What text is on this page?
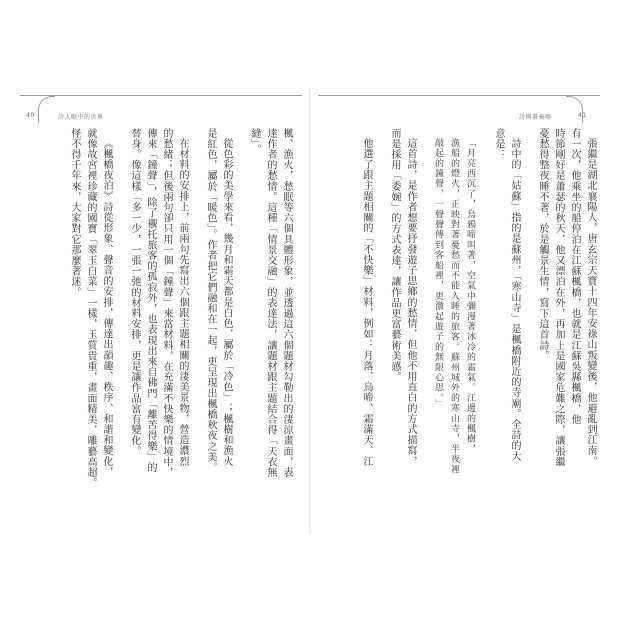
40	詩人眼中的世界	詩與畫奏鳴	41
張繼是湖北襄陽人，唐玄宗天寶十四年安祿山叛變後，他避亂到江南。
有一次，他乘坐的船停泊在江蘇楓橋，也就是江蘇吳縣楓橋，他
時節剛好是蕭瑟的秋天，他又漂泊在外，再加上是國家危難之際，讓張繼
憂愁得整夜睡不著，於是觸景生情，寫下這首詩。
詩中的「姑蘇」指的是蘇州，「寒山寺」是楓橋附近的寺廟。全詩的大
意是：
「月亮西沉了，烏鴉啼叫著，空氣中彌漫著冰冷的霜氣。江邊的楓樹，
漁船的燈火，正映對著憂愁而不能入睡的旅客。蘇州城外的寒山寺，半夜裡
敲起的鐘聲，一聲聲傳到客船裡，更激起遊子的無限心思。」
這首詩，是作者想要抒發遊子思鄉的愁情，但他不用直白的方式描寫，
而是採用「委婉」的方式表達，讓作品更富藝術美感。
他選了跟主題相關的「不快樂」材料，例如：月落、烏啼、霜滿天、江
楓、漁火，愁眠等六個具體形象，並透過這六個題材勾勒出的淒涼畫面，表
達作者的愁情。這種「情景交融」的表達法，讓題材跟主題結合得「天衣無
縫」。
從色彩的美學來看，幾月和霜天都是白色，屬於「冷色」；楓樹和漁火
是紅色，屬於「暖色」。作者把它們融和在一起，更呈現出楓橋秋夜之美。
在材料的安排上，前兩句先寫出六個跟主題相關的淒美景物，營造濃烈
的愁緒；但後兩句卻只用一個「鐘聲」來當材料，在充滿不快樂的情境中，
傳來「鐘聲」，除了襯托旅客的孤寂外，也表現出來自佛門「離苦得樂」的
替身。像這樣「多一少，一張一弛的材料安排，更是讓作品富有變化。
《楓橋夜泊》詩從形象、聲音的安排，傳達出韻趣、秩序、和諧和變化，
就像故宮裡珍藏的國寶「翠玉白菜」一樣，玉質貴重，畫面精美，雕藝高超。
怪不得千年來，大家對它那麼著迷。
